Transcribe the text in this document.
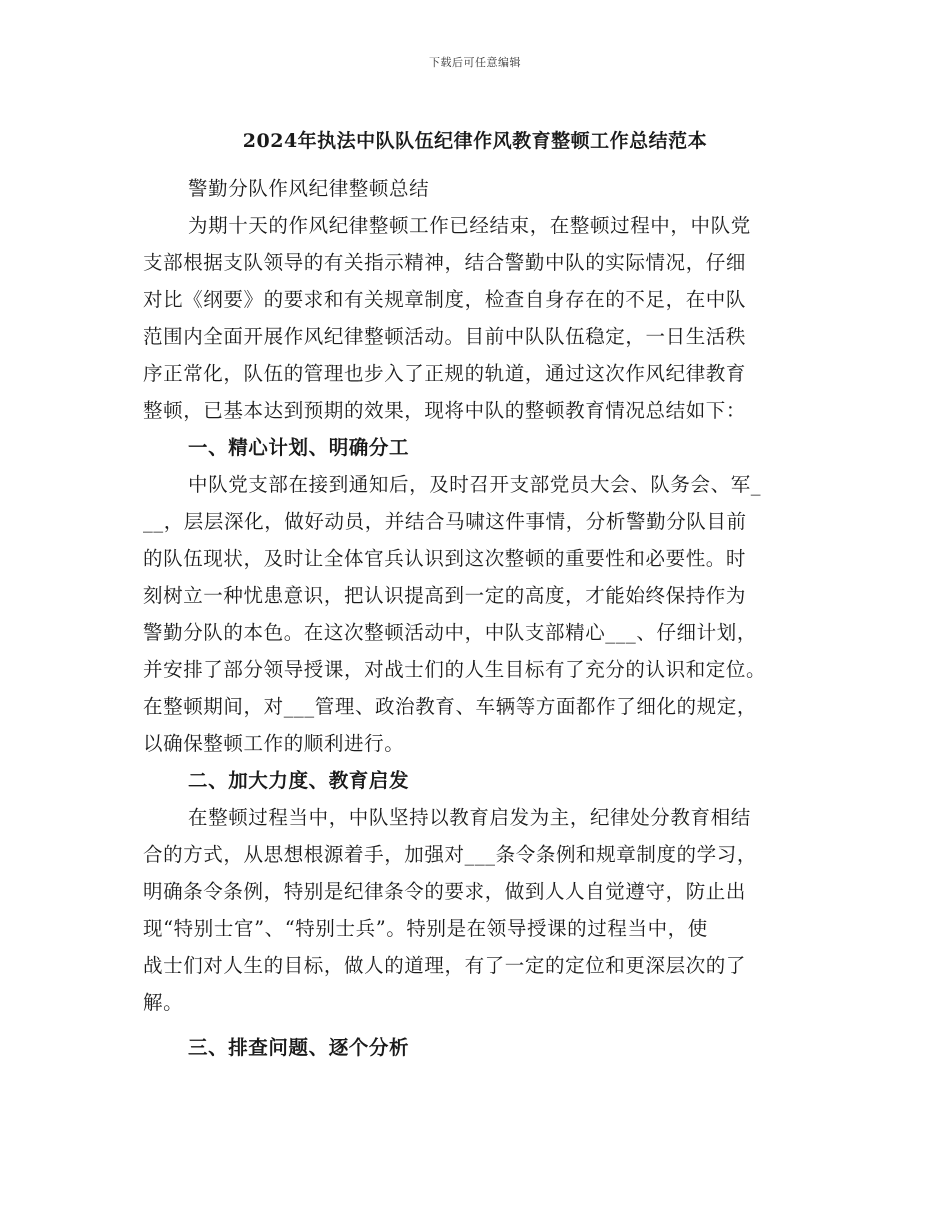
下载后可任意编辑
2024年执法中队队伍纪律作风教育整顿工作总结范本
警勤分队作风纪律整顿总结
为期十天的作风纪律整顿工作已经结束，在整顿过程中，中队党
支部根据支队领导的有关指示精神，结合警勤中队的实际情况，仔细
对比《纲要》的要求和有关规章制度，检查自身存在的不足，在中队
范围内全面开展作风纪律整顿活动。目前中队队伍稳定，一日生活秩
序正常化，队伍的管理也步入了正规的轨道，通过这次作风纪律教育
整顿，已基本达到预期的效果，现将中队的整顿教育情况总结如下：
一、精心计划、明确分工
中队党支部在接到通知后，及时召开支部党员大会、队务会、军_
__，层层深化，做好动员，并结合马啸这件事情，分析警勤分队目前
的队伍现状，及时让全体官兵认识到这次整顿的重要性和必要性。时
刻树立一种忧患意识，把认识提高到一定的高度，才能始终保持作为
警勤分队的本色。在这次整顿活动中，中队支部精心___、仔细计划，
并安排了部分领导授课，对战士们的人生目标有了充分的认识和定位。
在整顿期间，对___管理、政治教育、车辆等方面都作了细化的规定，
以确保整顿工作的顺利进行。
二、加大力度、教育启发
在整顿过程当中，中队坚持以教育启发为主，纪律处分教育相结
合的方式，从思想根源着手，加强对___条令条例和规章制度的学习，
明确条令条例，特别是纪律条令的要求，做到人人自觉遵守，防止出
现“特别士官”、“特别士兵”。特别是在领导授课的过程当中，使
战士们对人生的目标，做人的道理，有了一定的定位和更深层次的了
解。
三、排查问题、逐个分析
